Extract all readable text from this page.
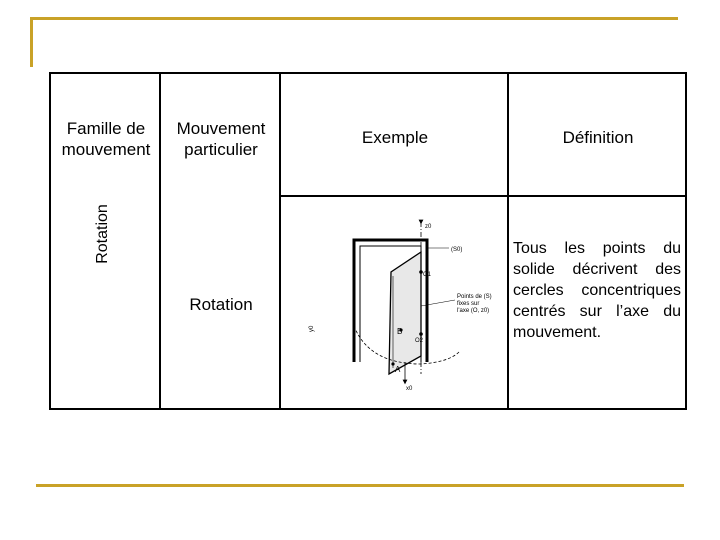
Famille de
mouvement
Mouvement
particulier
Exemple	Définition
Rotation
Rotation
(S0)
z0
x0
y0
O1
O2
B
A
Points de (S)
fixes sur
l'axe (O, z0)
Tous les points du solide décrivent des cercles concentriques centrés sur l’axe du mouvement.
